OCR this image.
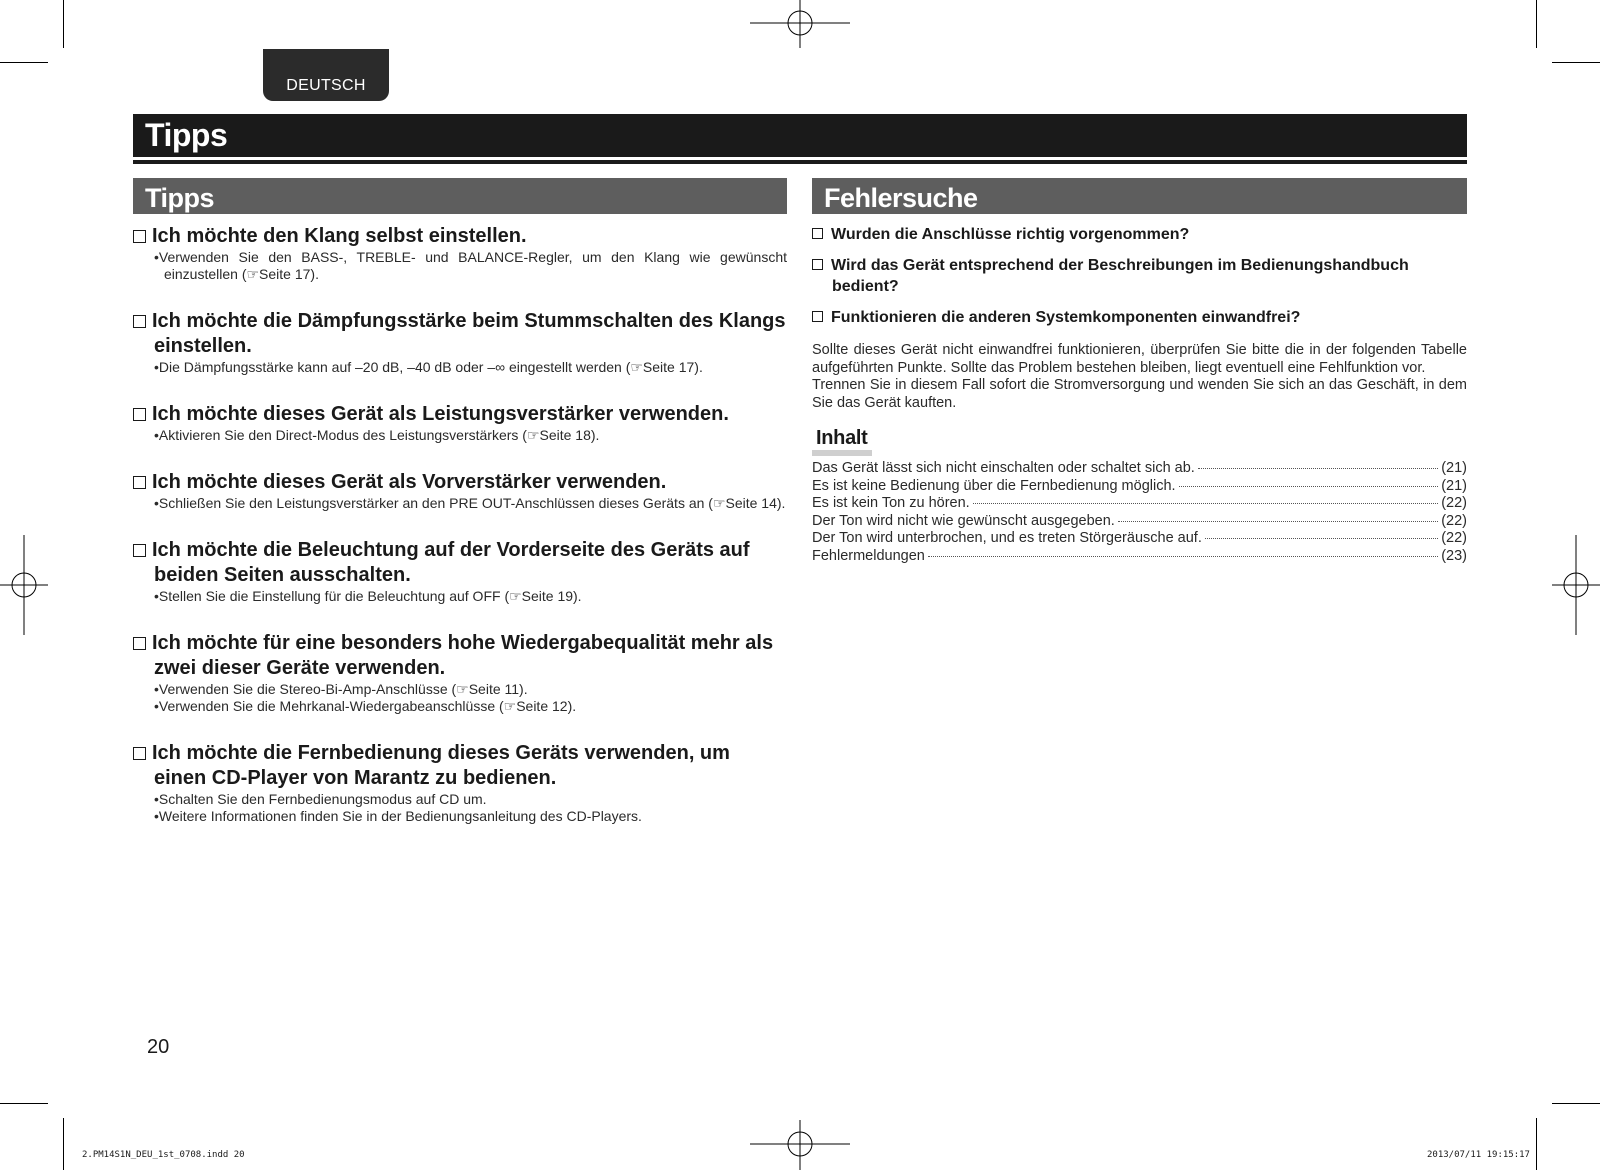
DEUTSCH
Tipps
Tipps	Fehlersuche

Ich möchte den Klang selbst einstellen.

•Verwenden Sie den BASS-, TREBLE- und BALANCE-Regler, um den Klang wie gewünscht einzustellen (☞Seite 17).

Ich möchte die Dämpfungsstärke beim Stummschalten des Klangs einstellen.

•Die Dämpfungsstärke kann auf –20 dB, –40 dB oder –∞ eingestellt werden (☞Seite 17).

Ich möchte dieses Gerät als Leistungsverstärker verwenden.

•Aktivieren Sie den Direct-Modus des Leistungsverstärkers (☞Seite 18).

Ich möchte dieses Gerät als Vorverstärker verwenden.

•Schließen Sie den Leistungsverstärker an den PRE OUT-Anschlüssen dieses Geräts an (☞Seite 14).

Ich möchte die Beleuchtung auf der Vorderseite des Geräts auf beiden Seiten ausschalten.

•Stellen Sie die Einstellung für die Beleuchtung auf OFF (☞Seite 19).

Ich möchte für eine besonders hohe Wiedergabequalität mehr als zwei dieser Geräte verwenden.

•Verwenden Sie die Stereo-Bi-Amp-Anschlüsse (☞Seite 11).

•Verwenden Sie die Mehrkanal-Wiedergabeanschlüsse (☞Seite 12).

Ich möchte die Fernbedienung dieses Geräts verwenden, um einen CD-Player von Marantz zu bedienen.

•Schalten Sie den Fernbedienungsmodus auf CD um.

•Weitere Informationen finden Sie in der Bedienungsanleitung des CD-Players.

Wurden die Anschlüsse richtig vorgenommen?

Wird das Gerät entsprechend der Beschreibungen im Bedienungshandbuch bedient?

Funktionieren die anderen Systemkomponenten einwandfrei?

Sollte dieses Gerät nicht einwandfrei funktionieren, überprüfen Sie bitte die in der folgenden Tabelle aufgeführten Punkte. Sollte das Problem bestehen bleiben, liegt eventuell eine Fehlfunktion vor.

Trennen Sie in diesem Fall sofort die Stromversorgung und wenden Sie sich an das Geschäft, in dem Sie das Gerät kauften.

Inhalt
Das Gerät lässt sich nicht einschalten oder schaltet sich ab.	(21)
Es ist keine Bedienung über die Fernbedienung möglich.	(21)
Es ist kein Ton zu hören.	(22)
Der Ton wird nicht wie gewünscht ausgegeben.	(22)
Der Ton wird unterbrochen, und es treten Störgeräusche auf.	(22)
Fehlermeldungen	(23)
20
2.PM14S1N_DEU_1st_0708.indd 20	2013/07/11 19:15:17
